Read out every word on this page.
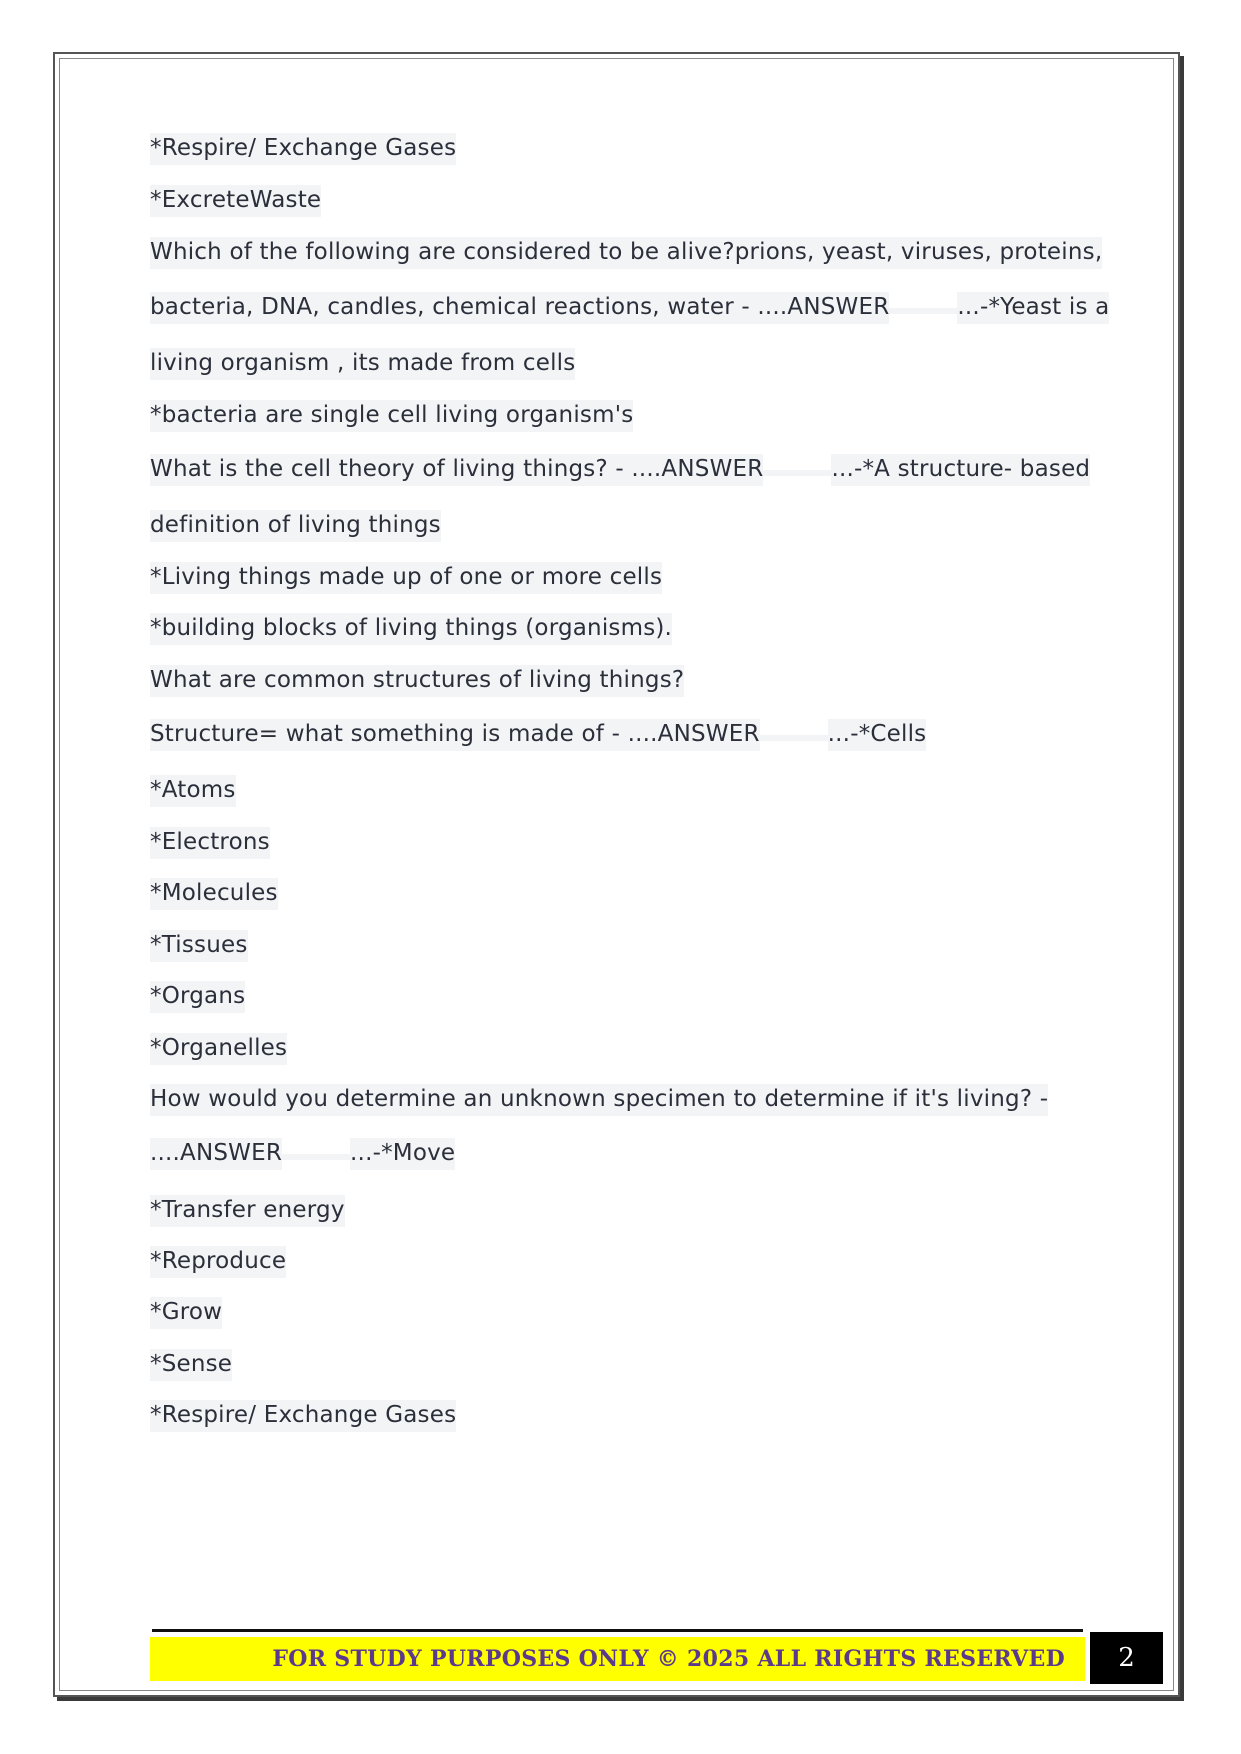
*Respire/ Exchange Gases
*ExcreteWaste
Which of the following are considered to be alive?prions, yeast, viruses, proteins,
bacteria, DNA, candles, chemical reactions, water - ....ANSWER	...-*Yeast is a
living organism , its made from cells
*bacteria are single cell living organism's
What is the cell theory of living things? - ....ANSWER	...-*A structure- based
definition of living things
*Living things made up of one or more cells
*building blocks of living things (organisms).
What are common structures of living things?
Structure= what something is made of - ....ANSWER	...-*Cells
*Atoms
*Electrons
*Molecules
*Tissues
*Organs
*Organelles
How would you determine an unknown specimen to determine if it's living? -
....ANSWER	...-*Move
*Transfer energy
*Reproduce
*Grow
*Sense
*Respire/ Exchange Gases
FOR STUDY PURPOSES ONLY © 2025 ALL RIGHTS RESERVED	2
